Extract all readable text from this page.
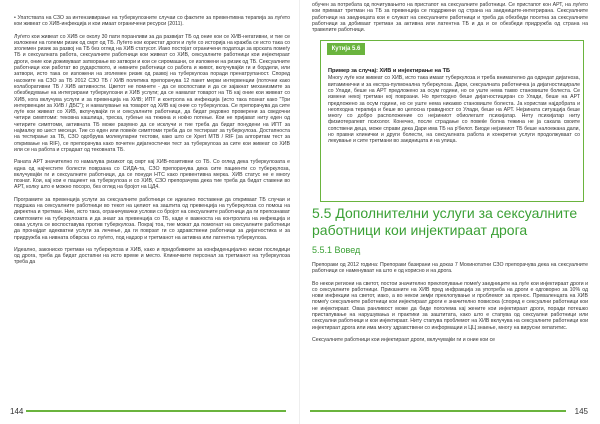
• Упатствата на СЗО за интензивирање на туберкулозните случаи со фактите за превентивна терапија за луѓето кои живеат со ХИВ-инфекција и кои имаат ограничени ресурси (2011).

Луѓето кои живеат со ХИВ се околу 30 пати поранливи за да развијат ТБ од оние кои се ХИВ-негативни, и тие се изложени на големи ризик од смрт од ТБ. Луѓето кои користат дроги и луѓе со историја на кражба се исто така со зголемен ризик за развој на ТБ без оглед на ХИВ статусот. Иако постојат ограничени податоци за врската помеѓу ТБ и сексуалната работа, сексуалните работници кои живеат со ХИВ, сексуалните работници кои инјектираат дроги, оние кои доживуваат затворање во затвори и кои се сиромашни, се изложени на ризик од ТБ. Сексуалните работници кои работат во рударството, и нивните работници со работа и живот, вклучувајќи ги и бордели, или затвори, исто така се изложени на зголемен ризик од развој на туберкулоза поради пренатрупаност. Според насоките на СЗО за ТБ 2012 СЗО ТБ / ХИВ политика препорачува 12 пакет мерки интервенции (поточни како колаборативни ТБ / ХИВ активности. Цветот не помнете - да се воспостави и да се зајакнат механизмите за обезбедување на интегрирани туберкулозни и ХИВ услуги; да се намалат товарот на ТБ кај оние кои живеат со ХИВ, кога вклучува услуги и за превенција на ХИВ; ИПТ и контрола на инфекција (исто така познат како "Три интервенции за ХИВ / ДБС"); и намалување на товарот од ХИВ кај оние со туберкулоза. Се препорачува да сите луѓе кои живеат со ХИВ, вклучувајќи ги и сексуалните работници, да бидат редовно проверени за сведочни четири симптоми: тековна кашлица, треска, губење на тежина и ноќно потење. Кои не пријават ниту еден од четирите симптоми, активната ТБ може разумно да се исклучи и тие треба да бидат понудени на ИПТ за најмалку во шест месеци. Тие со еден или повеќе симптоми треба да се тестираат за туберкулоза. Достапноста на тестирање за ТБ, СЗО одобрува молекуларни тестови, како што се Xpert MTB / RIF (за алгоритам тест за откривање на RIF), се препорачува како почетен дијагностички тест за туберкулоза за сите кои живеат со ХИВ или се на работа и страдаат од тековната ТБ.

Раната АРТ значително го намалува ризикот од смрт кај ХИВ-позитивни со ТБ. Со оглед дека туберкулозата е една од најчестите болести поврзана со СИДА-та, СЗО препорачува дека сите пациенти со туберкулоза, вклучувајќи ги и сексуалните работници, да се понуди НТС како превентивна мерка. ХИВ статус не е многу познат. Кои, кај кои е пациент на туберкулоза и со ХИВ, СЗО препорачува дека тие треба да бидат ставени во АРТ, колку што е можно посоро, без оглед на бројот на ЦД4.

Програмите за превенција услуги за сексуалните работници се идеално поставени да откриваат ТБ случаи и подршка на сексуалните работници во текот на целиот на заштита од превенција на туберкулоза со помош на директна и третман. Ние, исто така, ограничувачки услови со бројот на сексуалните работници да ги препознават симптомите на туберкулозата и да знаат за превенција со ТБ, каде е важноста на контролата на инфекција и оваа услуга се воспоставува против туберкулоза. Покрај тоа, тие можат да помогнат на сексуалните работници да пронајдат адекватни услуги за лечење, да ги поврзат ги со здравствени работници за дијагностика и за придружба на нивната обврска со луѓето, под надзор и третманот на активна или латентна туберкулоза.

Идеално, закониско третман на туберкулоза и ХИВ, како и придобивките за конфиденцијално ниски последици од дрога, треба да бидат достапни на исто време и место. Клиничките персонал за третманот на туберкулоза треба да

144

обучен за потребата од почитувањето на пристапот на сексуалните работници. Се пристапот кон АРТ, на луѓето кои примаат третман на ТБ за превенција се поддржени од страна на заедниците-интегрирана. Сексуалните работници на заедницата кои е служат на сексуалните работници и треба да обезбеди посетна за сексуалните работници за добиваат третман за активна или латентна ТБ и да и се обезбеди придружба од страна на травелите работници.

Кутија 5.6

Пример за случај: ХИВ и инјектирање на ТБ

Многу луѓе кои живеат со ХИВ, исто така имаат туберкулоза и треба внимателно да одредат дијагноза, витаминични и за екстра-пулмонална туберкулоза. Дари, сексуалната работничка ја дијагностицирале со Улади, беше на АРТ предложено за осум години, но се уште нема такво становиште болеста. Се измени некој третман кој поврзани. Но претходно беше дијагностициран со Улади, беше на АРТ предложено за осум години, но се уште нема никакво становиште болеста. Ја користам најдобрата и неопходна терапија и беше во целосна гравидност со Улади, беше на АРТ. Нејзината ситуација беше многу со добро расположение со нејзиниот обиолегалт психијатар. Нету психијатар ниту физиотерапевт психолог. Конечно, после страдање со повеќе болна тежина не ја сакала своите сопствени деца, може справи дека Дари има ТБ на р'белот. Биоде нејзиниот ТБ беше налоежана дали, но правни клинички и други болести, на сексуалната работа и конкретни услуги продолжуваат со лекување и сите третмани во заедницата и на улица.

5.5 Дополнителни услуги за сексуалните работници кои инјектираат дрога
5.5.1 Вовед

Препораки од 2012 година: Препораки базирани на доказ 7 Мохинотатни СЗО препорачува дека на сексуалните работници се наменуваат на што е од корисно и на дрога.

Во некои региони на светот, постои значително преклопување помеѓу заедниците на луѓе кои инјектираат дроги и со сексуалните работници. Приказните на ХИВ пред инфракција за употреба на дроги е одговорно за 10% од нови инфекции на светот, иако, а во некои земји преклопување и проблемот за пренос. Преваленцата на ХИВ помеѓу сексуалните работници кои инјектираат дроги е значително повисока (според е сексуални работници кои не инјектираат. Оваа ранливост може да биде поголема кај жените кои инјектираат дроги, поради потешко пристапување на нарушувања и практики за заштитата, како што е стапува од сексуални работници или сексуални работници и кои инјектираат. Ниту стапува проблемот на ХИВ вклучува на сексуалните работници кои инјектираат дрога или има многу здравствени со информации и ЦЦ знаење, многу на вирусни хепатитис.

Сексуалните работници кои инјектираат дроги, вклучувајќи ги и оние кои се

145
